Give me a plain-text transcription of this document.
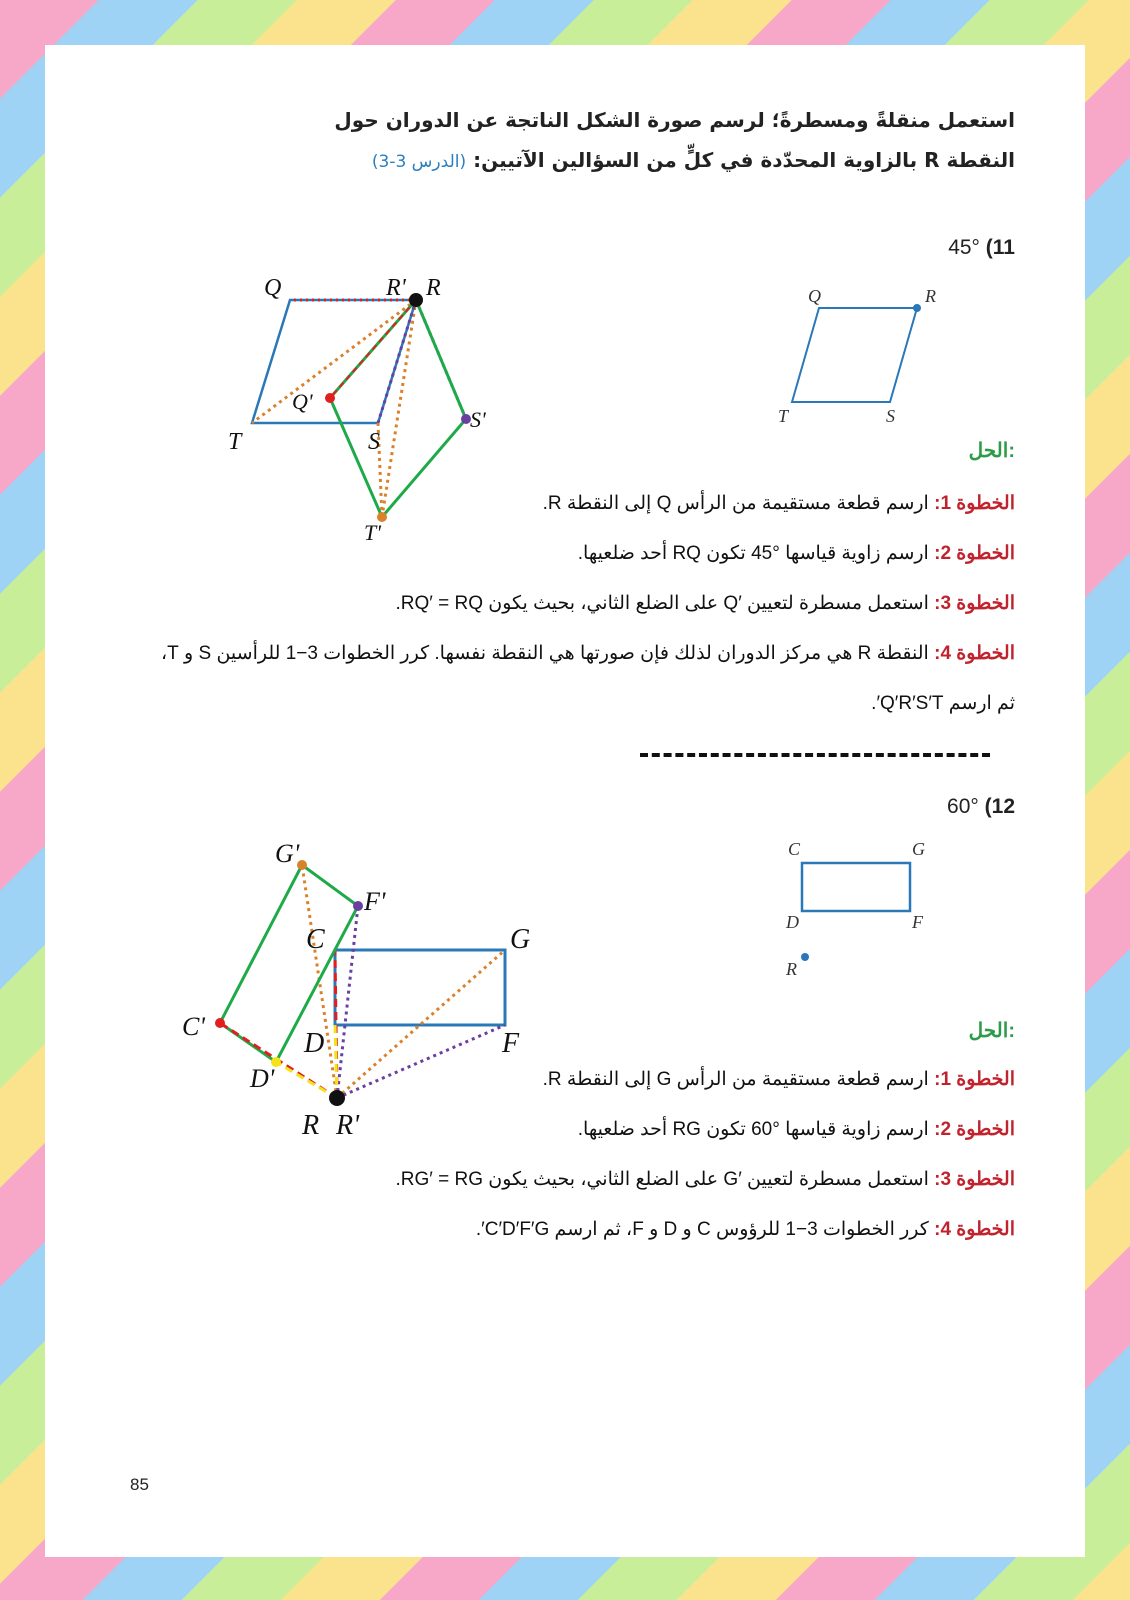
استعمل منقلةً ومسطرةً؛ لرسم صورة الشكل الناتجة عن الدوران حول
النقطة R بالزاوية المحدّدة في كلٍّ من السؤالين الآتيين: (الدرس 3-3)
45° (11
Q	R
T	S
Q	R' R
Q'
T	S
S'
T'
الحل:
الخطوة 1: ارسم قطعة مستقيمة من الرأس Q إلى النقطة R.
الخطوة 2: ارسم زاوية قياسها °45 تكون RQ أحد ضلعيها.
الخطوة 3: استعمل مسطرة لتعيين ′Q على الضلع الثاني، بحيث يكون RQ′ = RQ.
الخطوة 4: النقطة R هي مركز الدوران لذلك فإن صورتها هي النقطة نفسها. كرر الخطوات 3−1 للرأسين S و T،
ثم ارسم Q′R′S′T′.
60° (12
C	G
D	F
R
G'
F'
C	G
C'
D	F
D'
R R'
الحل:
الخطوة 1: ارسم قطعة مستقيمة من الرأس G إلى النقطة R.
الخطوة 2: ارسم زاوية قياسها °60 تكون RG أحد ضلعيها.
الخطوة 3: استعمل مسطرة لتعيين ′G على الضلع الثاني، بحيث يكون RG′ = RG.
الخطوة 4: كرر الخطوات 3−1 للرؤوس C و D و F، ثم ارسم C′D′F′G′.
85
